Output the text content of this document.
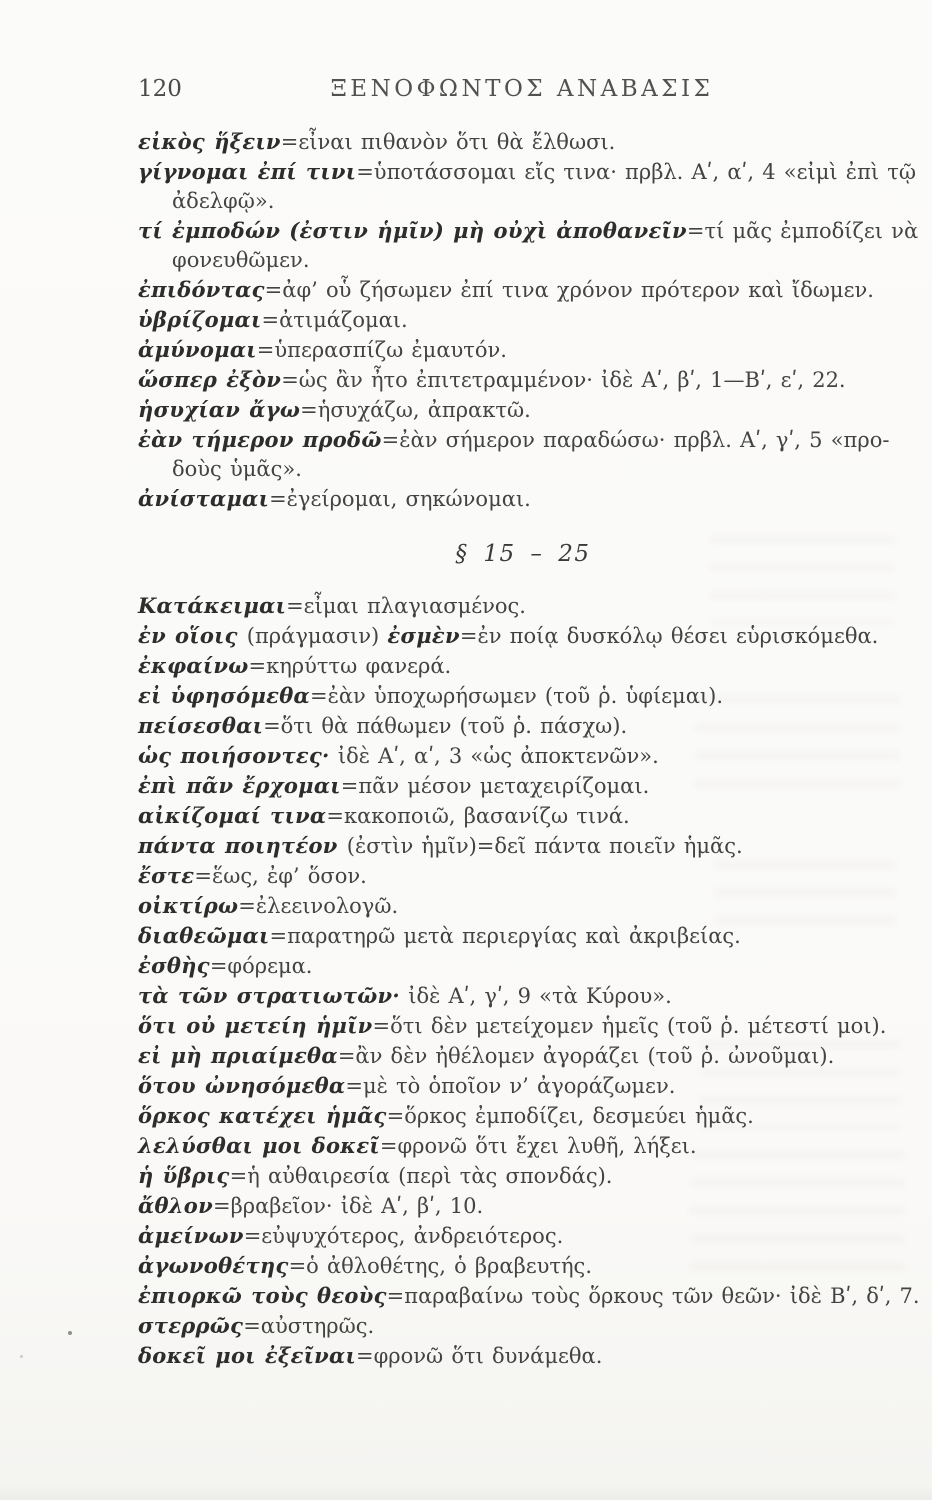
120	ΞΕΝΟΦΩΝΤΟΣ ΑΝΑΒΑΣΙΣ
εἰκὸς ἥξειν=εἶναι πιθανὸν ὅτι θὰ ἔλθωσι.
γίγνομαι ἐπί τινι=ὑποτάσσομαι εἴς τινα· πρβλ. Αʹ, αʹ, 4 «εἰμὶ ἐπὶ τῷ
ἀδελφῷ».
τί ἐμποδών (ἐστιν ἡμῖν) μὴ οὐχὶ ἀποθανεῖν=τί μᾶς ἐμποδίζει νὰ
φονευθῶμεν.
ἐπιδόντας=ἀφ’ οὗ ζήσωμεν ἐπί τινα χρόνον πρότερον καὶ ἴδωμεν.
ὑβρίζομαι=ἀτιμάζομαι.
ἀμύνομαι=ὑπερασπίζω ἐμαυτόν.
ὥσπερ ἐξὸν=ὡς ἂν ἦτο ἐπιτετραμμένον· ἰδὲ Αʹ, βʹ, 1—Βʹ, εʹ, 22.
ἡσυχίαν ἄγω=ἡσυχάζω, ἀπρακτῶ.
ἐὰν τήμερον προδῶ=ἐὰν σήμερον παραδώσω· πρβλ. Αʹ, γʹ, 5 «προ-
δοὺς ὑμᾶς».
ἀνίσταμαι=ἐγείρομαι, σηκώνομαι.
§ 15 – 25
Κατάκειμαι=εἶμαι πλαγιασμένος.
ἐν οἵοις (πράγμασιν) ἐσμὲν=ἐν ποίᾳ δυσκόλῳ θέσει εὑρισκόμεθα.
ἐκφαίνω=κηρύττω φανερά.
εἰ ὑφησόμεθα=ἐὰν ὑποχωρήσωμεν (τοῦ ῥ. ὑφίεμαι).
πείσεσθαι=ὅτι θὰ πάθωμεν (τοῦ ῥ. πάσχω).
ὡς ποιήσοντες· ἰδὲ Αʹ, αʹ, 3 «ὡς ἀποκτενῶν».
ἐπὶ πᾶν ἔρχομαι=πᾶν μέσον μεταχειρίζομαι.
αἰκίζομαί τινα=κακοποιῶ, βασανίζω τινά.
πάντα ποιητέον (ἐστὶν ἡμῖν)=δεῖ πάντα ποιεῖν ἡμᾶς.
ἔστε=ἕως, ἐφ’ ὅσον.
οἰκτίρω=ἐλεεινολογῶ.
διαθεῶμαι=παρατηρῶ μετὰ περιεργίας καὶ ἀκριβείας.
ἐσθὴς=φόρεμα.
τὰ τῶν στρατιωτῶν· ἰδὲ Αʹ, γʹ, 9 «τὰ Κύρου».
ὅτι οὐ μετείη ἡμῖν=ὅτι δὲν μετείχομεν ἡμεῖς (τοῦ ῥ. μέτεστί μοι).
εἰ μὴ πριαίμεθα=ἂν δὲν ἠθέλομεν ἀγοράζει (τοῦ ῥ. ὠνοῦμαι).
ὅτου ὠνησόμεθα=μὲ τὸ ὁποῖον ν’ ἀγοράζωμεν.
ὅρκος κατέχει ἡμᾶς=ὅρκος ἐμποδίζει, δεσμεύει ἡμᾶς.
λελύσθαι μοι δοκεῖ=φρονῶ ὅτι ἔχει λυθῆ, λήξει.
ἡ ὕβρις=ἡ αὐθαιρεσία (περὶ τὰς σπονδάς).
ἄθλον=βραβεῖον· ἰδὲ Αʹ, βʹ, 10.
ἀμείνων=εὐψυχότερος, ἀνδρειότερος.
ἀγωνοθέτης=ὁ ἀθλοθέτης, ὁ βραβευτής.
ἐπιορκῶ τοὺς θεοὺς=παραβαίνω τοὺς ὅρκους τῶν θεῶν· ἰδὲ Βʹ, δʹ, 7.
στερρῶς=αὐστηρῶς.
δοκεῖ μοι ἐξεῖναι=φρονῶ ὅτι δυνάμεθα.
